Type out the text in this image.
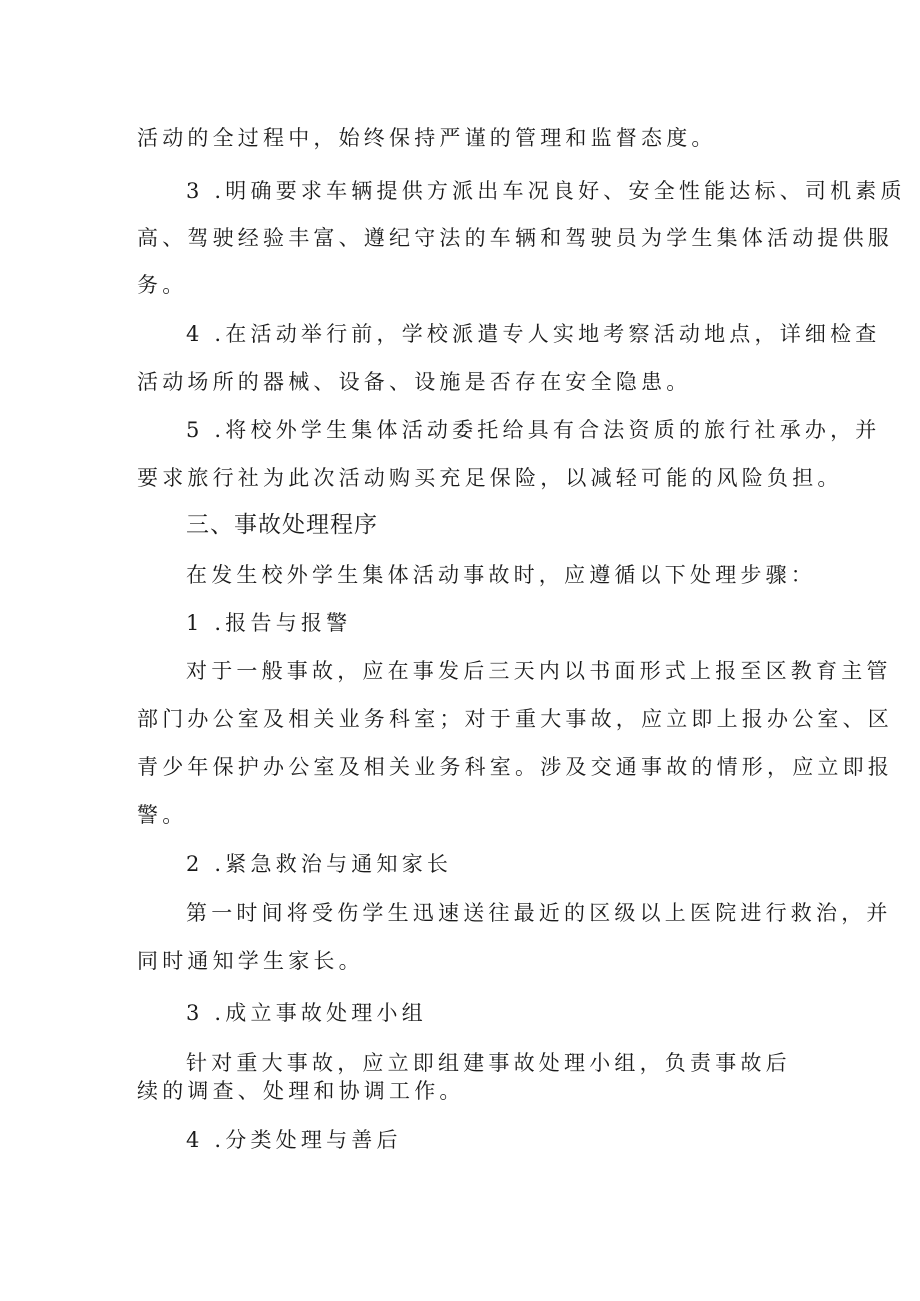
活动的全过程中，始终保持严谨的管理和监督态度。
3 .明确要求车辆提供方派出车况良好、安全性能达标、司机素质
高、驾驶经验丰富、遵纪守法的车辆和驾驶员为学生集体活动提供服
务。
4 .在活动举行前，学校派遣专人实地考察活动地点，详细检查
活动场所的器械、设备、设施是否存在安全隐患。
5 .将校外学生集体活动委托给具有合法资质的旅行社承办，并
要求旅行社为此次活动购买充足保险，以减轻可能的风险负担。
三、事故处理程序
在发生校外学生集体活动事故时，应遵循以下处理步骤：
1 .报告与报警
对于一般事故，应在事发后三天内以书面形式上报至区教育主管
部门办公室及相关业务科室；对于重大事故，应立即上报办公室、区
青少年保护办公室及相关业务科室。涉及交通事故的情形，应立即报
警。
2 .紧急救治与通知家长
第一时间将受伤学生迅速送往最近的区级以上医院进行救治，并
同时通知学生家长。
3 .成立事故处理小组
针对重大事故，应立即组建事故处理小组，负责事故后
续的调查、处理和协调工作。
4 .分类处理与善后
